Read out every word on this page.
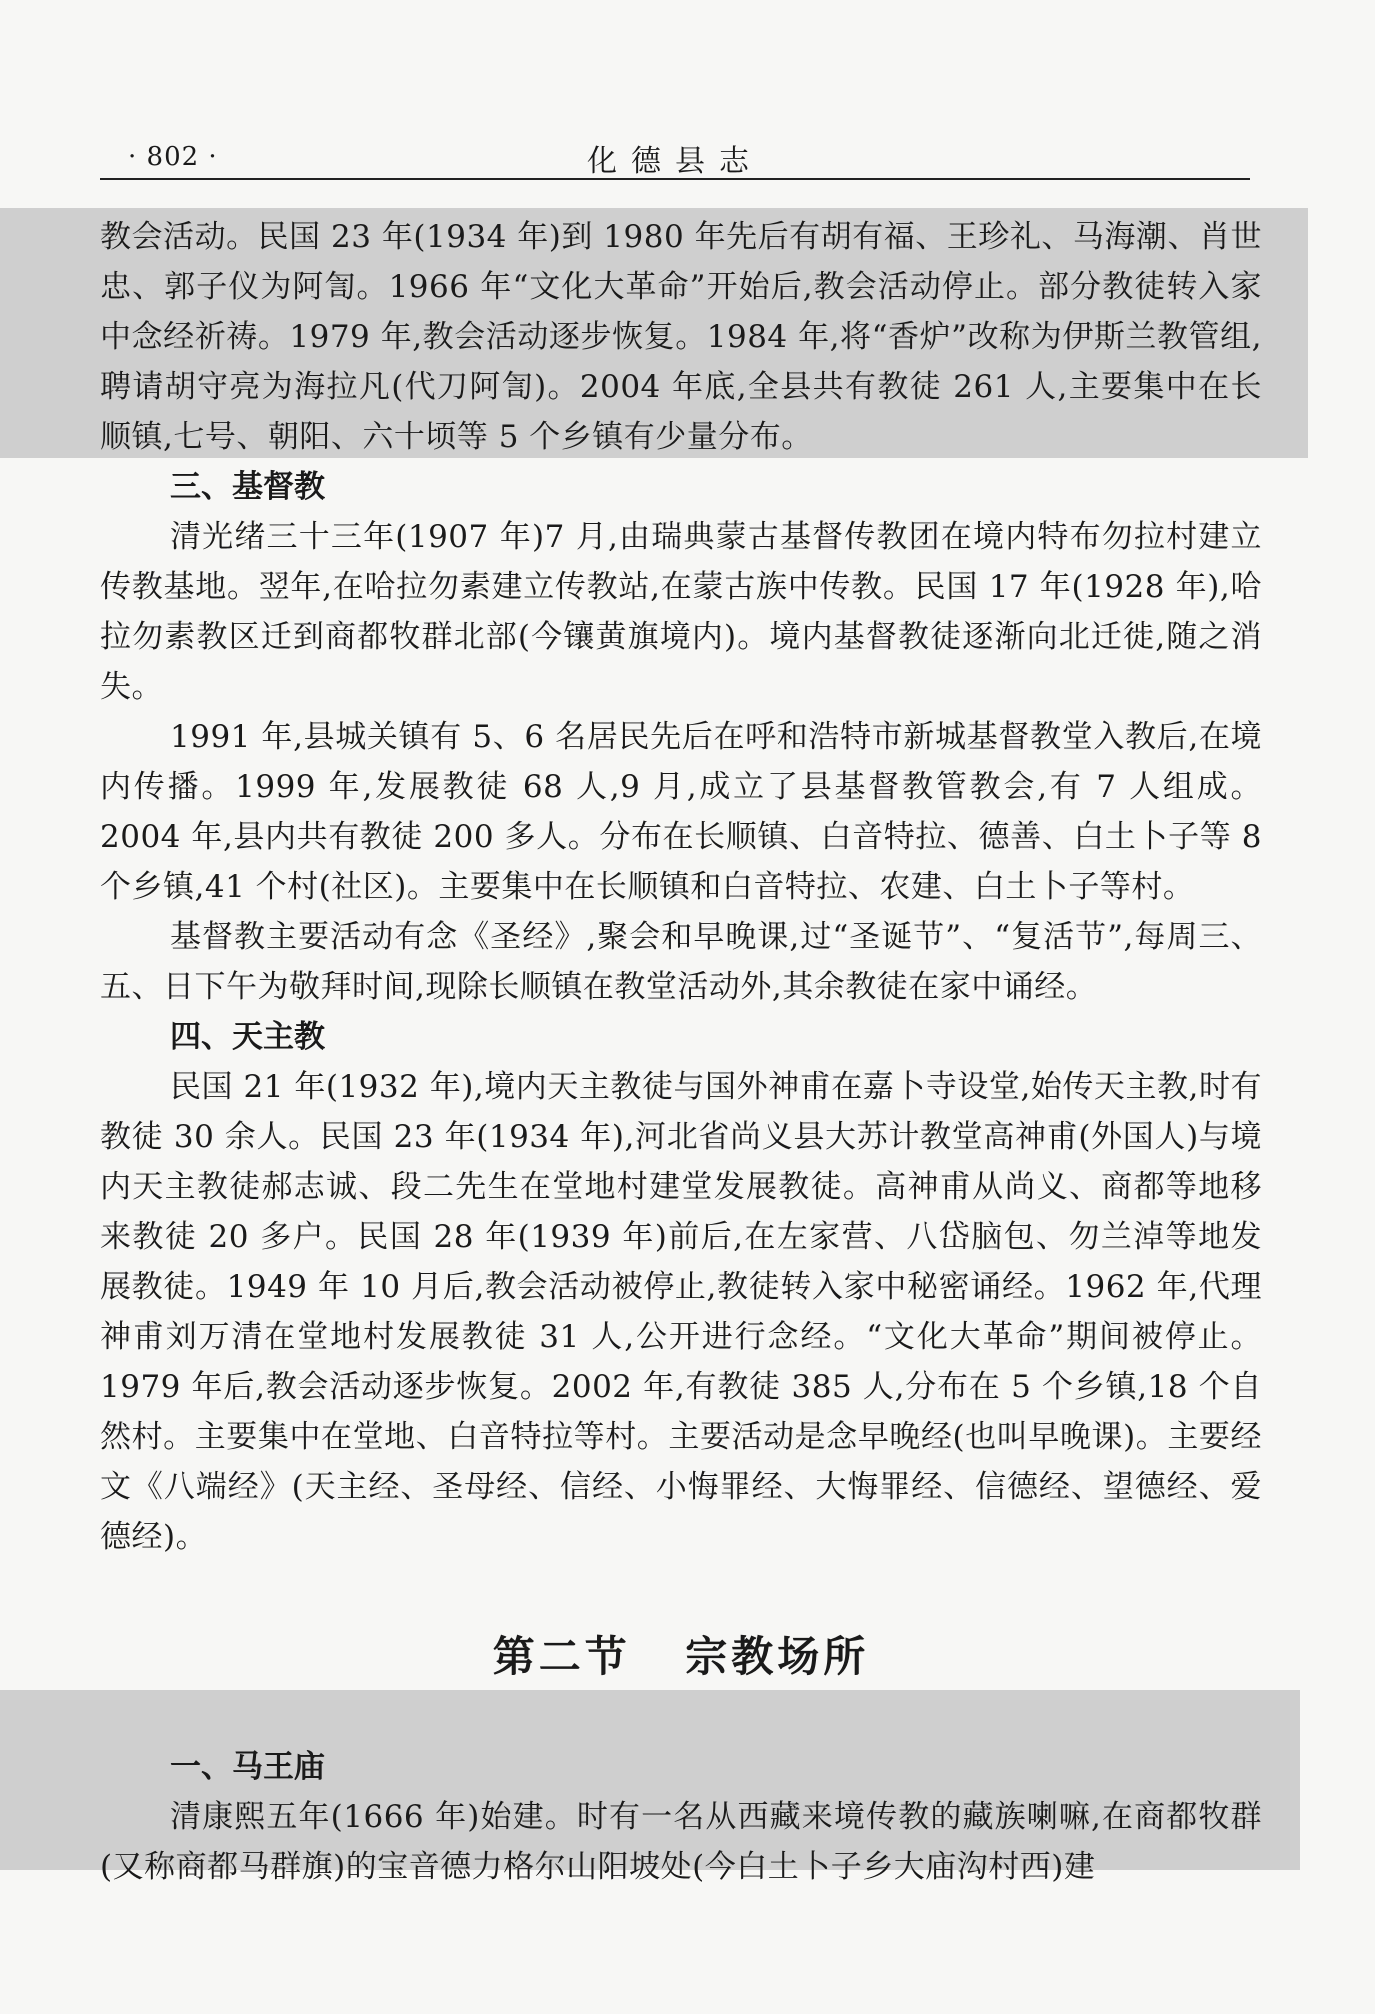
· 802 ·	化德县志

教会活动。民国 23 年(1934 年)到 1980 年先后有胡有福、王珍礼、马海潮、肖世忠、郭子仪为阿訇。1966 年“文化大革命”开始后,教会活动停止。部分教徒转入家中念经祈祷。1979 年,教会活动逐步恢复。1984 年,将“香炉”改称为伊斯兰教管组,聘请胡守亮为海拉凡(代刀阿訇)。2004 年底,全县共有教徒 261 人,主要集中在长顺镇,七号、朝阳、六十顷等 5 个乡镇有少量分布。

三、基督教

清光绪三十三年(1907 年)7 月,由瑞典蒙古基督传教团在境内特布勿拉村建立传教基地。翌年,在哈拉勿素建立传教站,在蒙古族中传教。民国 17 年(1928 年),哈拉勿素教区迁到商都牧群北部(今镶黄旗境内)。境内基督教徒逐渐向北迁徙,随之消失。

1991 年,县城关镇有 5、6 名居民先后在呼和浩特市新城基督教堂入教后,在境内传播。1999 年,发展教徒 68 人,9 月,成立了县基督教管教会,有 7 人组成。2004 年,县内共有教徒 200 多人。分布在长顺镇、白音特拉、德善、白土卜子等 8 个乡镇,41 个村(社区)。主要集中在长顺镇和白音特拉、农建、白土卜子等村。

基督教主要活动有念《圣经》,聚会和早晚课,过“圣诞节”、“复活节”,每周三、五、日下午为敬拜时间,现除长顺镇在教堂活动外,其余教徒在家中诵经。

四、天主教

民国 21 年(1932 年),境内天主教徒与国外神甫在嘉卜寺设堂,始传天主教,时有教徒 30 余人。民国 23 年(1934 年),河北省尚义县大苏计教堂高神甫(外国人)与境内天主教徒郝志诚、段二先生在堂地村建堂发展教徒。高神甫从尚义、商都等地移来教徒 20 多户。民国 28 年(1939 年)前后,在左家营、八岱脑包、勿兰淖等地发展教徒。1949 年 10 月后,教会活动被停止,教徒转入家中秘密诵经。1962 年,代理神甫刘万清在堂地村发展教徒 31 人,公开进行念经。“文化大革命”期间被停止。1979 年后,教会活动逐步恢复。2002 年,有教徒 385 人,分布在 5 个乡镇,18 个自然村。主要集中在堂地、白音特拉等村。主要活动是念早晚经(也叫早晚课)。主要经文《八端经》(天主经、圣母经、信经、小悔罪经、大悔罪经、信德经、望德经、爱德经)。

第二节 宗教场所
一、马王庙

清康熙五年(1666 年)始建。时有一名从西藏来境传教的藏族喇嘛,在商都牧群(又称商都马群旗)的宝音德力格尔山阳坡处(今白土卜子乡大庙沟村西)建
